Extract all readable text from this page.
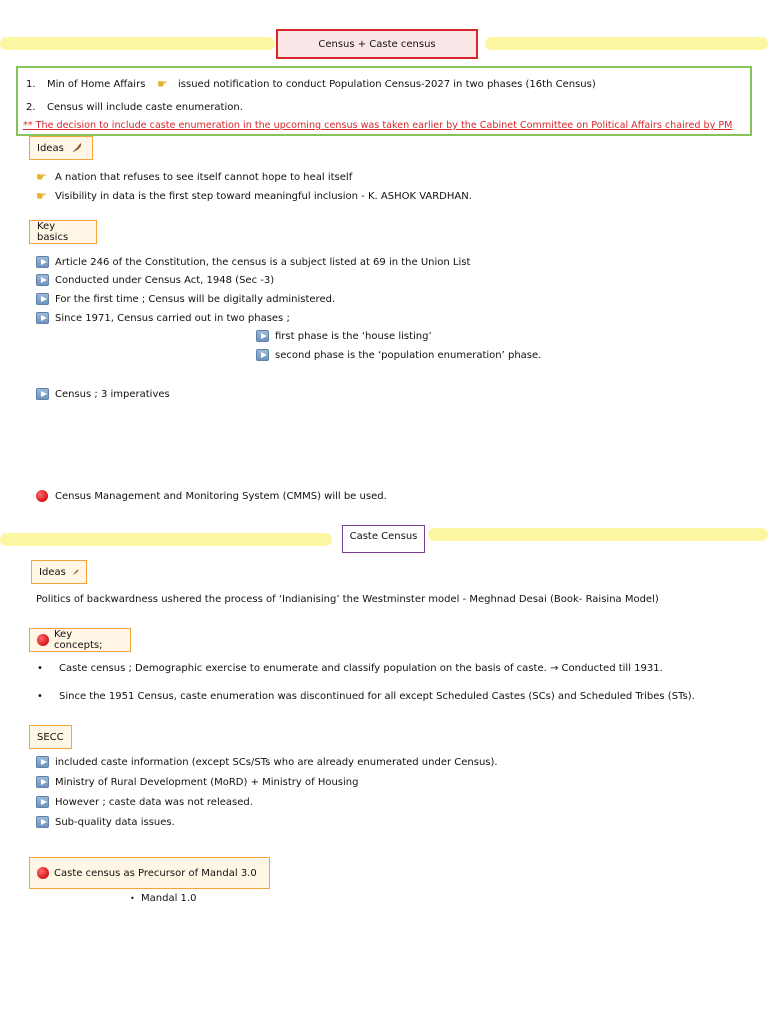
Census + Caste census
1. Min of Home Affairs ☛ issued notification to conduct Population Census-2027 in two phases (16th Census)
2. Census will include caste enumeration.
** The decision to include caste enumeration in the upcoming census was taken earlier by the Cabinet Committee on Political Affairs chaired by PM
Ideas
☛ A nation that refuses to see itself cannot hope to heal itself
☛ Visibility in data is the first step toward meaningful inclusion - K. ASHOK VARDHAN.
Key basics
Article 246 of the Constitution, the census is a subject listed at 69 in the Union List
Conducted under Census Act, 1948 (Sec -3)
For the first time ; Census will be digitally administered.
Since 1971, Census carried out in two phases ;
first phase is the ‘house listing’
second phase is the ‘population enumeration’ phase.
Census ; 3 imperatives
Census Management and Monitoring System (CMMS) will be used.
Caste Census
Ideas
Politics of backwardness ushered the process of ‘Indianising’ the Westminster model - Meghnad Desai (Book- Raisina Model)
Key concepts;
• Caste census ; Demographic exercise to enumerate and classify population on the basis of caste. → Conducted till 1931.
• Since the 1951 Census, caste enumeration was discontinued for all except Scheduled Castes (SCs) and Scheduled Tribes (STs).
SECC
included caste information (except SCs/STs who are already enumerated under Census).
Ministry of Rural Development (MoRD) + Ministry of Housing
However ; caste data was not released.
Sub-quality data issues.
Caste census as Precursor of Mandal 3.0
• Mandal 1.0
